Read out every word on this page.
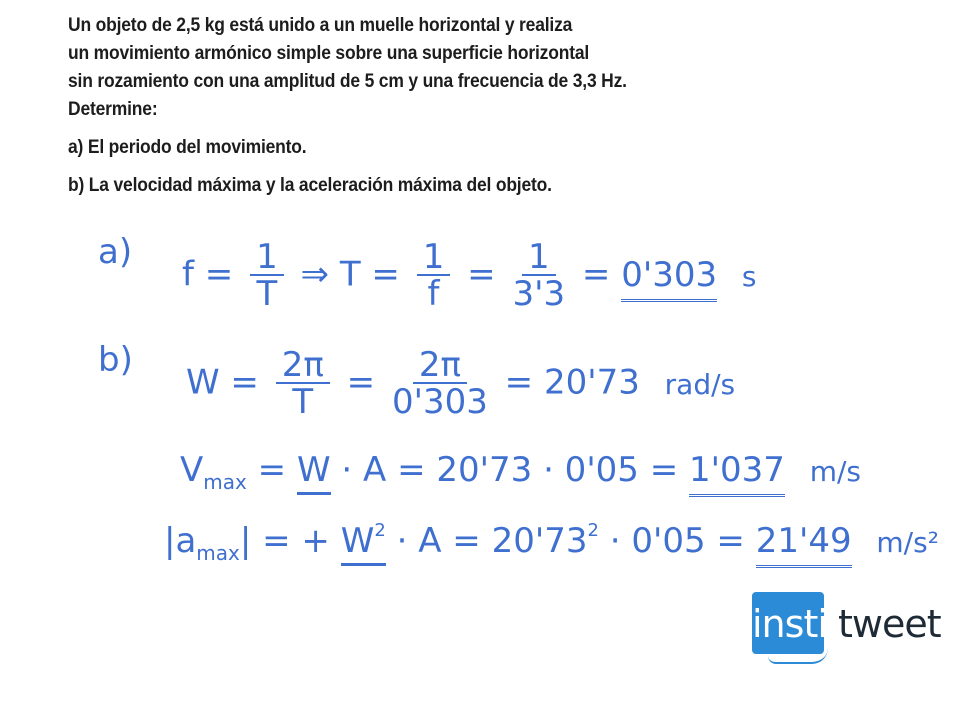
Un objeto de 2,5 kg está unido a un muelle horizontal y realiza
un movimiento armónico simple sobre una superficie horizontal
sin rozamiento con una amplitud de 5 cm y una frecuencia de 3,3 Hz.
Determine:
a) El periodo del movimiento.
b) La velocidad máxima y la aceleración máxima del objeto.
a)
$f = \frac{1}{T}$ ⇒ $T = \frac{1}{f} = \frac{1}{3'3} = 0'303$ s
b)
$W = \frac{2\pi}{T} = \frac{2\pi}{0'303} = 20'73$ rad/s
$V_{max} = W \cdot A = 20'73 \cdot 0'05 = 1'037$ m/s
$|a_{max}|$ = + $W^2 \cdot A = 20'73^2 \cdot 0'05 = 21'49$ m/s²
insti tweet
